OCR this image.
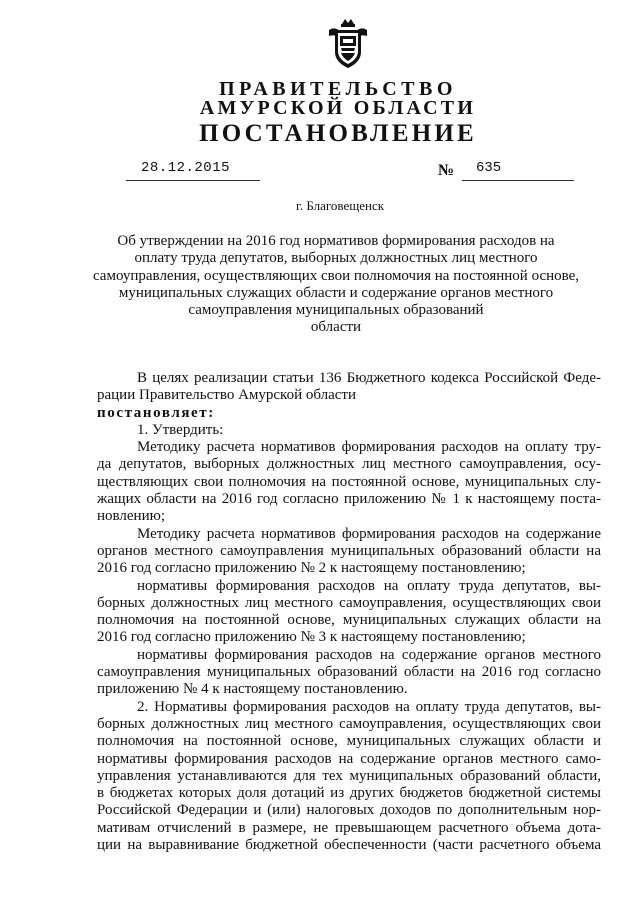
ПРАВИТЕЛЬСТВО
АМУРСКОЙ ОБЛАСТИ
ПОСТАНОВЛЕНИЕ
28.12.2015	№ 635
г. Благовещенск
Об утверждении на 2016 год нормативов формирования расходов на
оплату труда депутатов, выборных должностных лиц местного
самоуправления, осуществляющих свои полномочия на постоянной основе,
муниципальных служащих области и содержание органов местного
самоуправления муниципальных образований
области
В целях реализации статьи 136 Бюджетного кодекса Российской Феде-
рации Правительство Амурской области
постановляет:
1. Утвердить:
Методику расчета нормативов формирования расходов на оплату тру-
да депутатов, выборных должностных лиц местного самоуправления, осу-
ществляющих свои полномочия на постоянной основе, муниципальных слу-
жащих области на 2016 год согласно приложению № 1 к настоящему поста-
новлению;
Методику расчета нормативов формирования расходов на содержание
органов местного самоуправления муниципальных образований области на
2016 год согласно приложению № 2 к настоящему постановлению;
нормативы формирования расходов на оплату труда депутатов, вы-
борных должностных лиц местного самоуправления, осуществляющих свои
полномочия на постоянной основе, муниципальных служащих области на
2016 год согласно приложению № 3 к настоящему постановлению;
нормативы формирования расходов на содержание органов местного
самоуправления муниципальных образований области на 2016 год согласно
приложению № 4 к настоящему постановлению.
2. Нормативы формирования расходов на оплату труда депутатов, вы-
борных должностных лиц местного самоуправления, осуществляющих свои
полномочия на постоянной основе, муниципальных служащих области и
нормативы формирования расходов на содержание органов местного само-
управления устанавливаются для тех муниципальных образований области,
в бюджетах которых доля дотаций из других бюджетов бюджетной системы
Российской Федерации и (или) налоговых доходов по дополнительным нор-
мативам отчислений в размере, не превышающем расчетного объема дота-
ции на выравнивание бюджетной обеспеченности (части расчетного объема
